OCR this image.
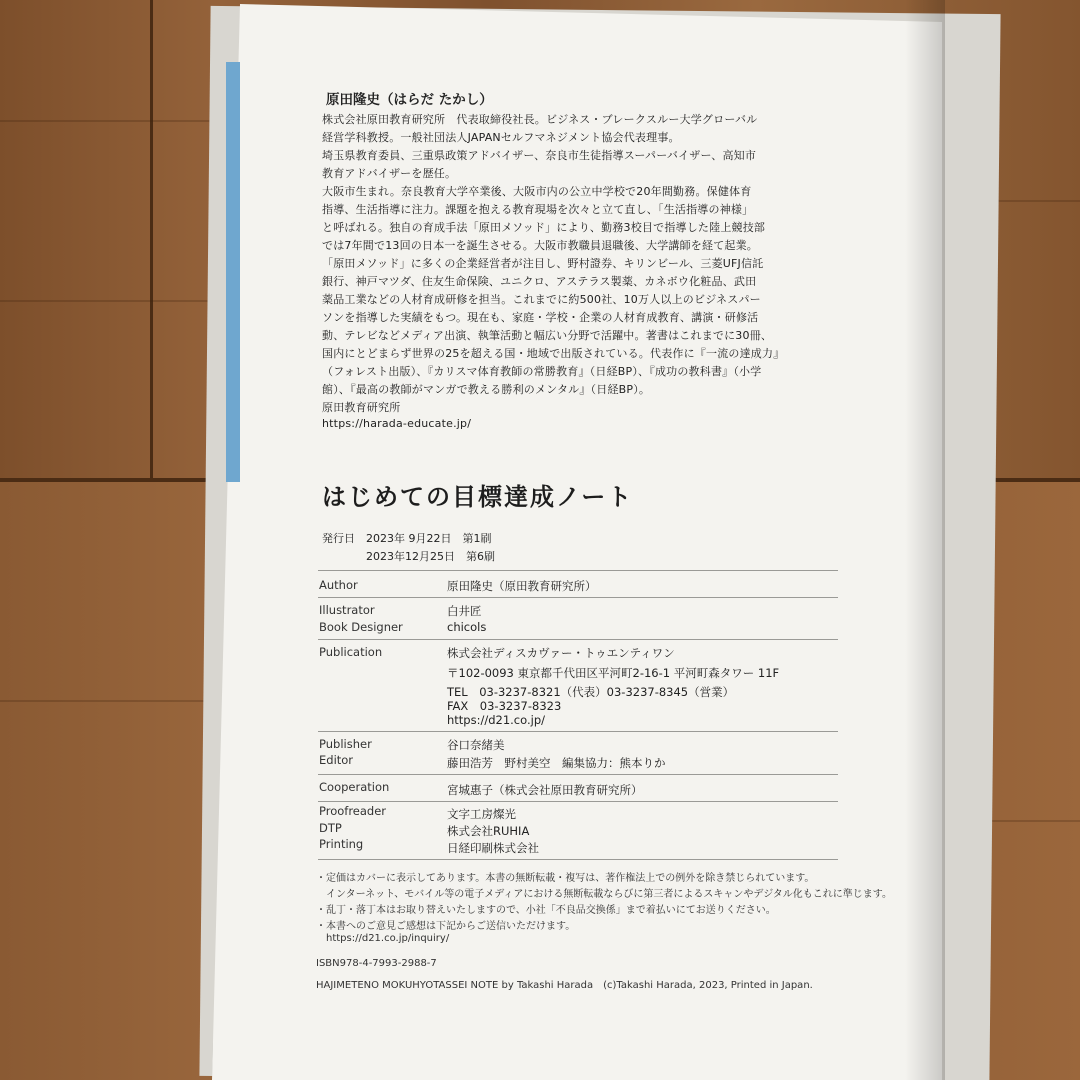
原田隆史（はらだ たかし）
株式会社原田教育研究所　代表取締役社長。ビジネス・ブレークスルー大学グローバル
経営学科教授。一般社団法人JAPANセルフマネジメント協会代表理事。
埼玉県教育委員、三重県政策アドバイザー、奈良市生徒指導スーパーバイザー、高知市
教育アドバイザーを歴任。
大阪市生まれ。奈良教育大学卒業後、大阪市内の公立中学校で20年間勤務。保健体育
指導、生活指導に注力。課題を抱える教育現場を次々と立て直し、「生活指導の神様」
と呼ばれる。独自の育成手法「原田メソッド」により、勤務3校目で指導した陸上競技部
では7年間で13回の日本一を誕生させる。大阪市教職員退職後、大学講師を経て起業。
「原田メソッド」に多くの企業経営者が注目し、野村證券、キリンビール、三菱UFJ信託
銀行、神戸マツダ、住友生命保険、ユニクロ、アステラス製薬、カネボウ化粧品、武田
薬品工業などの人材育成研修を担当。これまでに約500社、10万人以上のビジネスパー
ソンを指導した実績をもつ。現在も、家庭・学校・企業の人材育成教育、講演・研修活
動、テレビなどメディア出演、執筆活動と幅広い分野で活躍中。著書はこれまでに30冊、
国内にとどまらず世界の25を超える国・地域で出版されている。代表作に『一流の達成力』
（フォレスト出版）、『カリスマ体育教師の常勝教育』（日経BP）、『成功の教科書』（小学
館）、『最高の教師がマンガで教える勝利のメンタル』（日経BP）。
原田教育研究所
https://harada-educate.jp/
はじめての目標達成ノート
発行日 2023年 9月22日　第1刷
2023年12月25日　第6刷
Author	原田隆史（原田教育研究所）
Illustrator	白井匠
Book Designer	chicols
Publication	株式会社ディスカヴァー・トゥエンティワン
〒102-0093 東京都千代田区平河町2-16-1 平河町森タワー 11F
TEL　03-3237-8321（代表）03-3237-8345（営業）
FAX　03-3237-8323
https://d21.co.jp/
Publisher	谷口奈緒美
Editor	藤田浩芳　野村美空　編集協力：熊本りか
Cooperation	宮城惠子（株式会社原田教育研究所）
Proofreader	文字工房燦光
DTP	株式会社RUHIA
Printing	日経印刷株式会社
・定価はカバーに表示してあります。本書の無断転載・複写は、著作権法上での例外を除き禁じられています。
インターネット、モバイル等の電子メディアにおける無断転載ならびに第三者によるスキャンやデジタル化もこれに準じます。
・乱丁・落丁本はお取り替えいたしますので、小社「不良品交換係」まで着払いにてお送りください。
・本書へのご意見ご感想は下記からご送信いただけます。
https://d21.co.jp/inquiry/
ISBN978-4-7993-2988-7
HAJIMETENO MOKUHYOTASSEI NOTE by Takashi Harada　(c)Takashi Harada, 2023, Printed in Japan.
